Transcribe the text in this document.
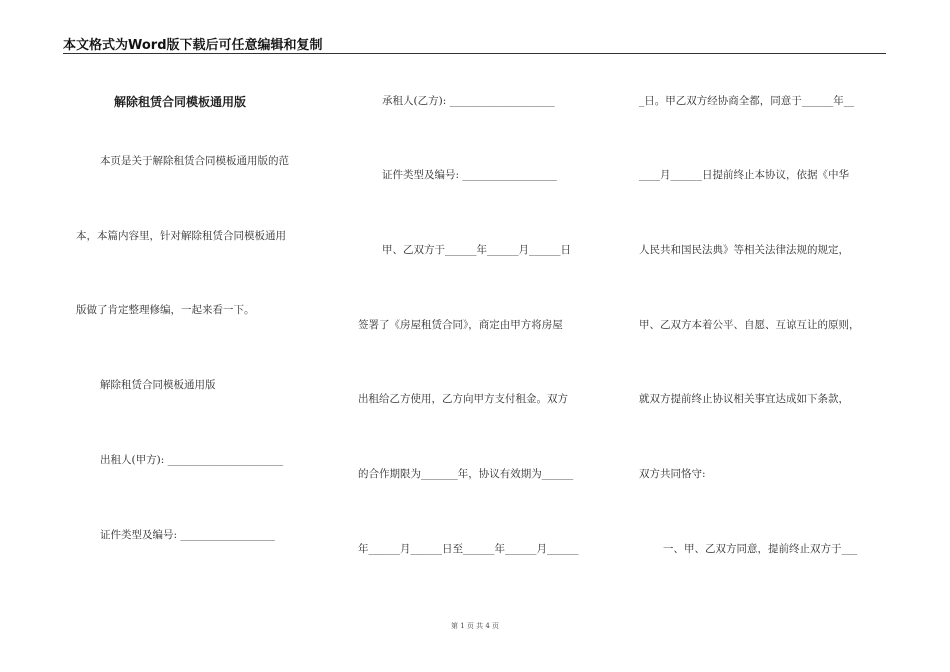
本文格式为Word版下载后可任意编辑和复制
解除租赁合同模板通用版
本页是关于解除租赁合同模板通用版的范
本，本篇内容里，针对解除租赁合同模板通用
版做了肯定整理修编，一起来看一下。
解除租赁合同模板通用版
出租人(甲方): ______________________
证件类型及编号: __________________
承租人(乙方): ____________________
证件类型及编号: __________________
甲、乙双方于______年______月______日
签署了《房屋租赁合同》，商定由甲方将房屋
出租给乙方使用，乙方向甲方支付租金。双方
的合作期限为_______年，协议有效期为______
年______月______日至______年______月______
_日。甲乙双方经协商全都，同意于______年__
____月______日提前终止本协议，依据《中华
人民共和国民法典》等相关法律法规的规定，
甲、乙双方本着公平、自愿、互谅互让的原则，
就双方提前终止协议相关事宜达成如下条款，
双方共同恪守:
一、甲、乙双方同意，提前终止双方于___
第 1 页 共 4 页
